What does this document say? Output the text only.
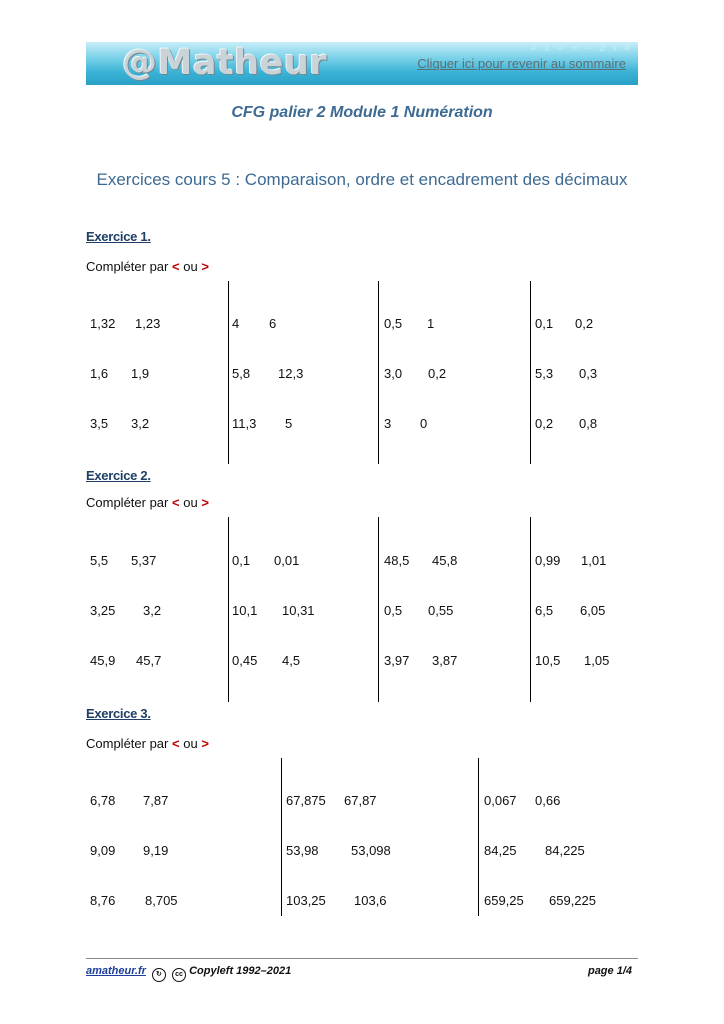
+ x ÷ = − 2 x 4
@Matheur	Cliquer ici pour revenir au sommaire
CFG palier 2 Module 1 Numération
Exercices cours 5 : Comparaison, ordre et encadrement des décimaux
Exercice 1.
Compléter par < ou >
1,32 1,23
1,6 1,9
3,5 3,2
4 6
5,8 12,3
11,3 5
0,5 1
3,0 0,2
3 0
0,1 0,2
5,3 0,3
0,2 0,8
Exercice 2.
Compléter par < ou >
5,5 5,37
3,25 3,2
45,9 45,7
0,1 0,01
10,1 10,31
0,45 4,5
48,5 45,8
0,5 0,55
3,97 3,87
0,99 1,01
6,5 6,05
10,5 1,05
Exercice 3.
Compléter par < ou >
6,78 7,87
9,09 9,19
8,76 8,705
67,875 67,87
53,98 53,098
103,25 103,6
0,067 0,66
84,25 84,225
659,25 659,225
amatheur.fr ↻ cc Copyleft 1992–2021	page 1/4
